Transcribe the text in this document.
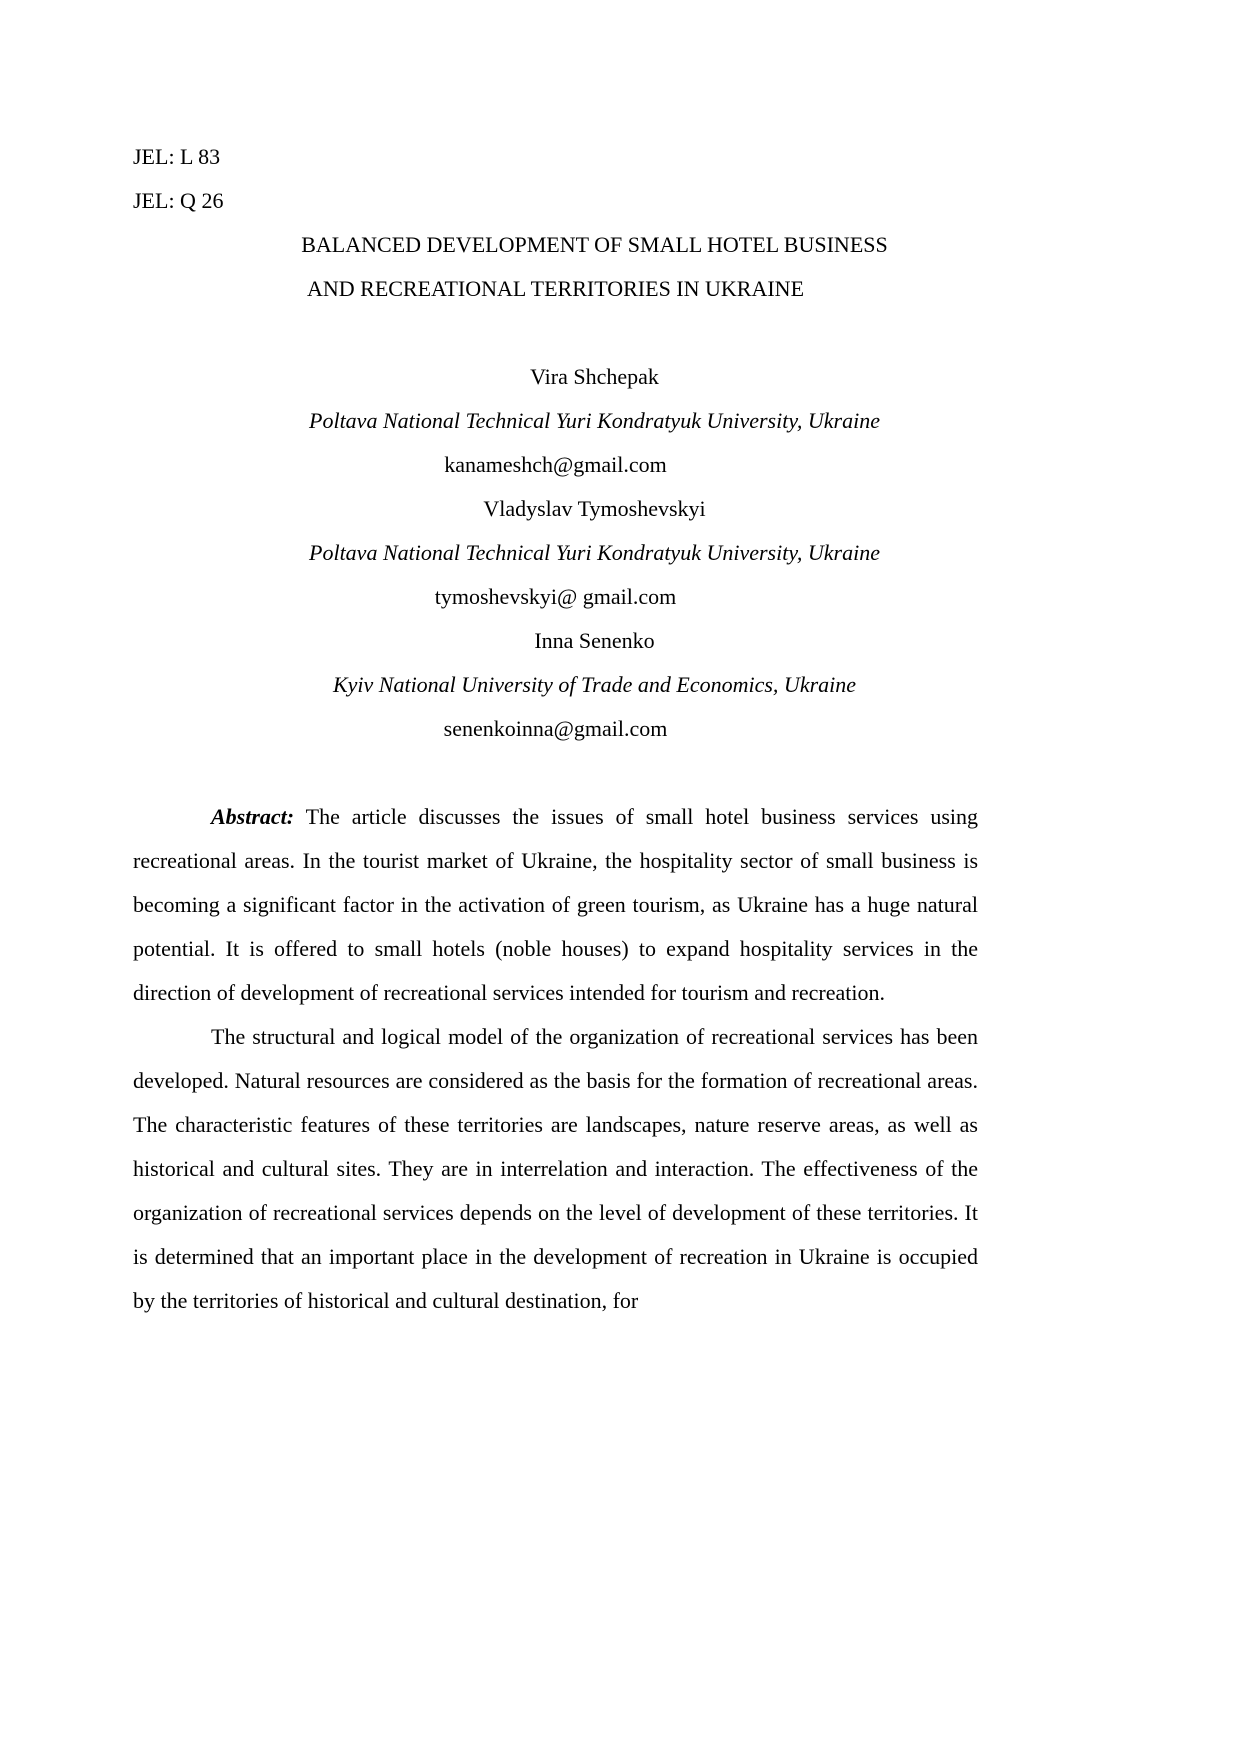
JEL: L 83

JEL: Q 26

BALANCED DEVELOPMENT OF SMALL HOTEL BUSINESS
AND RECREATIONAL TERRITORIES IN UKRAINE

Vira Shchepak

Poltava National Technical Yuri Kondratyuk University, Ukraine

kanameshch@gmail.com

Vladyslav Tymoshevskyi

Poltava National Technical Yuri Kondratyuk University, Ukraine

tymoshevskyi@ gmail.com

Inna Senenko

Kyiv National University of Trade and Economics, Ukraine

senenkoinna@gmail.com

Abstract: The article discusses the issues of small hotel business services using recreational areas. In the tourist market of Ukraine, the hospitality sector of small business is becoming a significant factor in the activation of green tourism, as Ukraine has a huge natural potential. It is offered to small hotels (noble houses) to expand hospitality services in the direction of development of recreational services intended for tourism and recreation.

The structural and logical model of the organization of recreational services has been developed. Natural resources are considered as the basis for the formation of recreational areas. The characteristic features of these territories are landscapes, nature reserve areas, as well as historical and cultural sites. They are in interrelation and interaction. The effectiveness of the organization of recreational services depends on the level of development of these territories. It is determined that an important place in the development of recreation in Ukraine is occupied by the territories of historical and cultural destination, for
